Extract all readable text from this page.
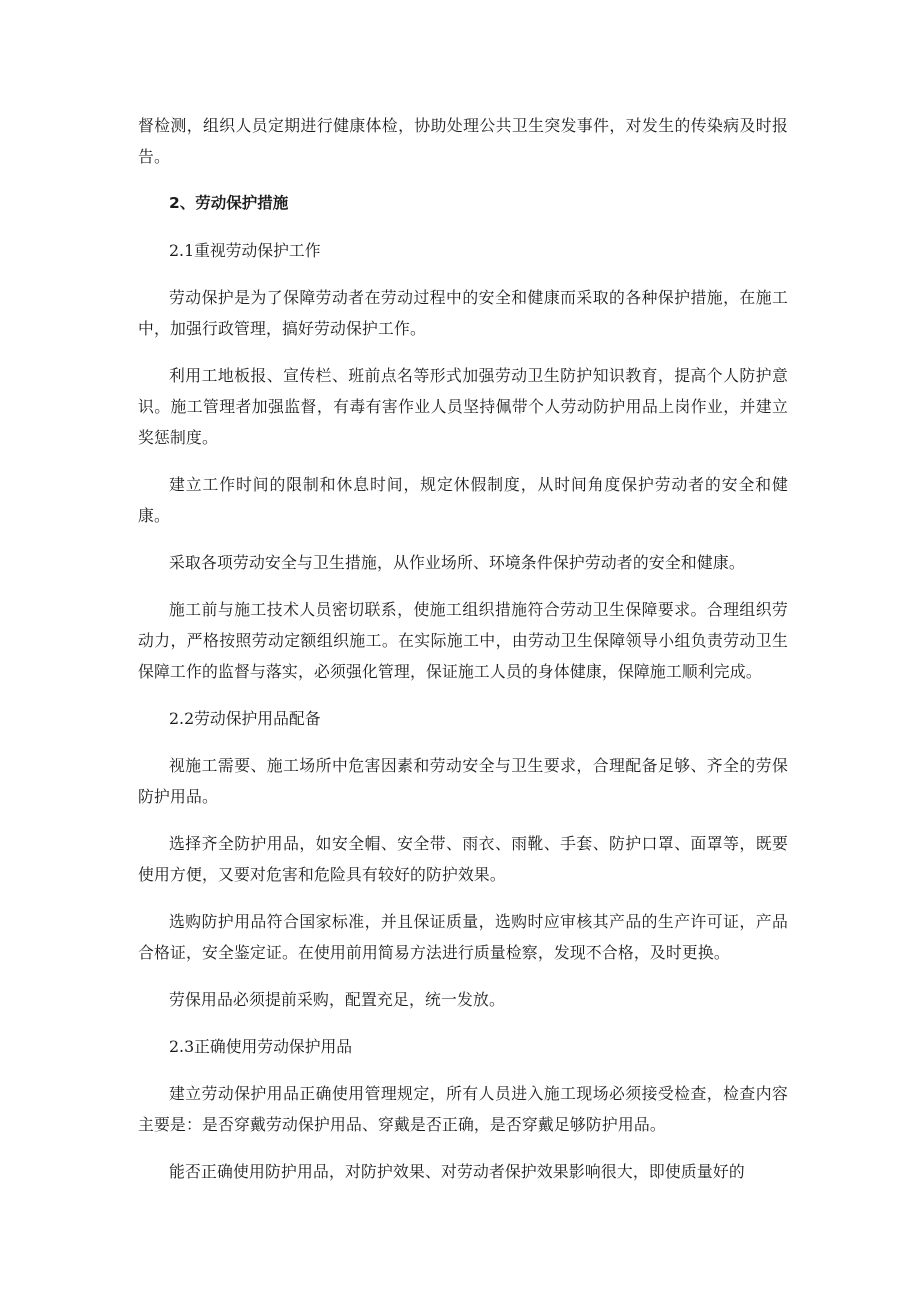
督检测，组织人员定期进行健康体检，协助处理公共卫生突发事件，对发生的传染病及时报告。

2、劳动保护措施

2.1重视劳动保护工作

劳动保护是为了保障劳动者在劳动过程中的安全和健康而采取的各种保护措施，在施工中，加强行政管理，搞好劳动保护工作。

利用工地板报、宣传栏、班前点名等形式加强劳动卫生防护知识教育，提高个人防护意识。施工管理者加强监督，有毒有害作业人员坚持佩带个人劳动防护用品上岗作业，并建立奖惩制度。

建立工作时间的限制和休息时间，规定休假制度，从时间角度保护劳动者的安全和健康。

采取各项劳动安全与卫生措施，从作业场所、环境条件保护劳动者的安全和健康。

施工前与施工技术人员密切联系，使施工组织措施符合劳动卫生保障要求。合理组织劳动力，严格按照劳动定额组织施工。在实际施工中，由劳动卫生保障领导小组负责劳动卫生保障工作的监督与落实，必须强化管理，保证施工人员的身体健康，保障施工顺利完成。

2.2劳动保护用品配备

视施工需要、施工场所中危害因素和劳动安全与卫生要求，合理配备足够、齐全的劳保防护用品。

选择齐全防护用品，如安全帽、安全带、雨衣、雨靴、手套、防护口罩、面罩等，既要使用方便，又要对危害和危险具有较好的防护效果。

选购防护用品符合国家标准，并且保证质量，选购时应审核其产品的生产许可证，产品合格证，安全鉴定证。在使用前用简易方法进行质量检察，发现不合格，及时更换。

劳保用品必须提前采购，配置充足，统一发放。

2.3正确使用劳动保护用品

建立劳动保护用品正确使用管理规定，所有人员进入施工现场必须接受检查，检查内容主要是：是否穿戴劳动保护用品、穿戴是否正确，是否穿戴足够防护用品。

能否正确使用防护用品，对防护效果、对劳动者保护效果影响很大，即使质量好的
